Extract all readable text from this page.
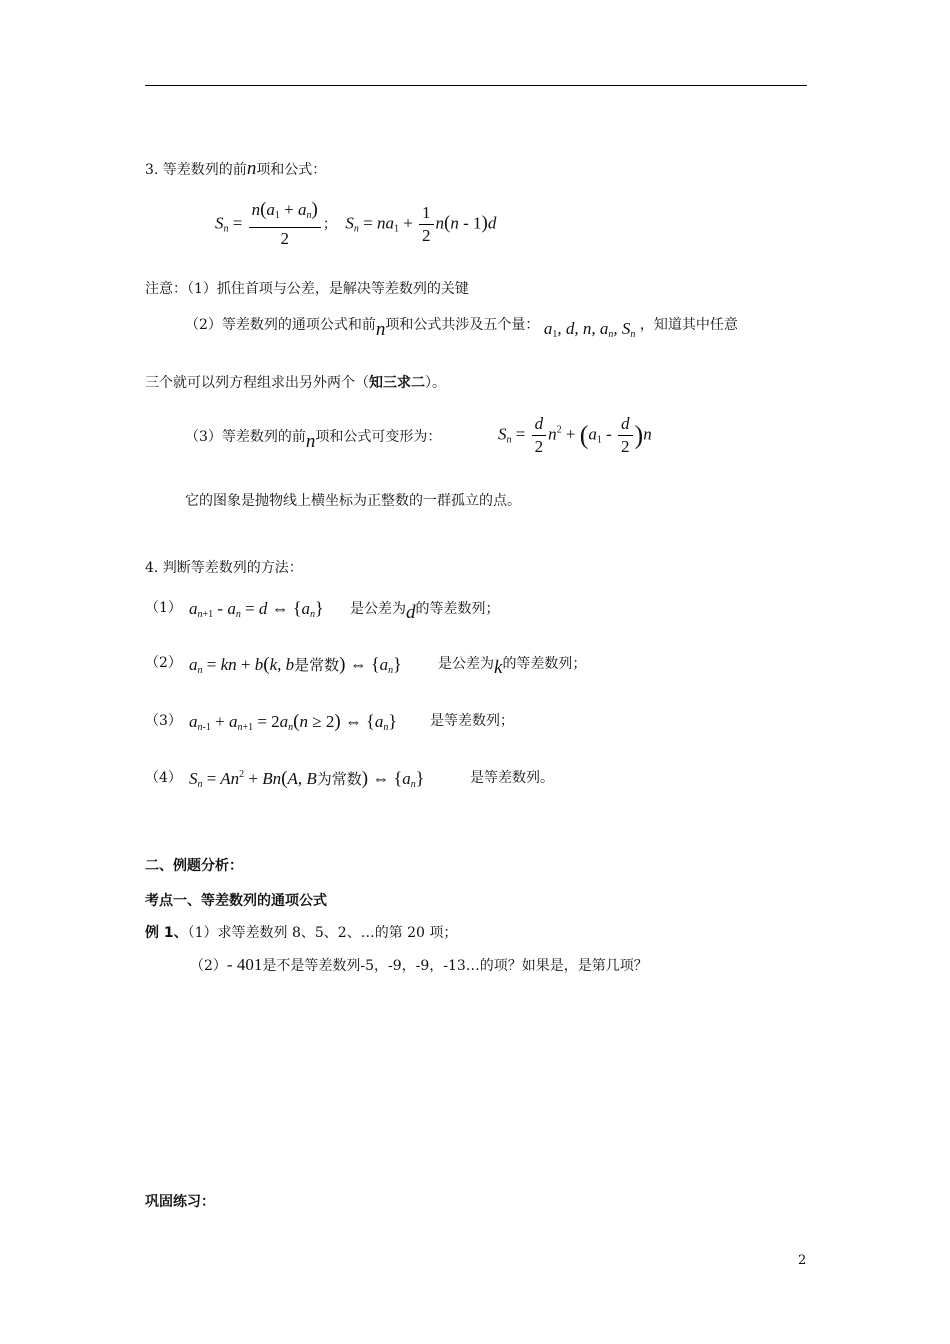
3. 等差数列的前n项和公式：
$S_n = \frac{n(a_1 + a_n)}{2}$ ；  $S_n = na_1 + \frac{1}{2} n(n - 1)d$
注意：（1）抓住首项与公差，是解决等差数列的关键
（2）等差数列的通项公式和前n项和公式共涉及五个量： $a_1$, d, n, $a_n$, $S_n$ ，知道其中任意
三个就可以列方程组求出另外两个（知三求二）。
（3）等差数列的前n项和公式可变形为：	$S_n = \frac{d}{2} n^2 + (a_1 - \frac{d}{2} )n$
它的图象是抛物线上横坐标为正整数的一群孤立的点。
4. 判断等差数列的方法：
（1） $a_{n+1} - a_n = d$ ⇔ $\{a_n\}$ 是公差为d的等差数列；
（2） $a_n$ = kn + b(k, b是常数) ⇔ $\{a_n\}$	是公差为k的等差数列；
（3） $a_{n-1} + a_{n+1} = 2a_n(n \ge 2)$ ⇔ $\{a_n\}$ 是等差数列；
（4） $S_n = An^2 + Bn(A$, B为常数) ⇔ $\{a_n\}$	是等差数列。
二、例题分析：
考点一、等差数列的通项公式
例 1、（1）求等差数列 8、5、2、…的第 20 项；
（2）- 401是不是等差数列-5，-9，-9，-13…的项？如果是，是第几项？
巩固练习：
2
